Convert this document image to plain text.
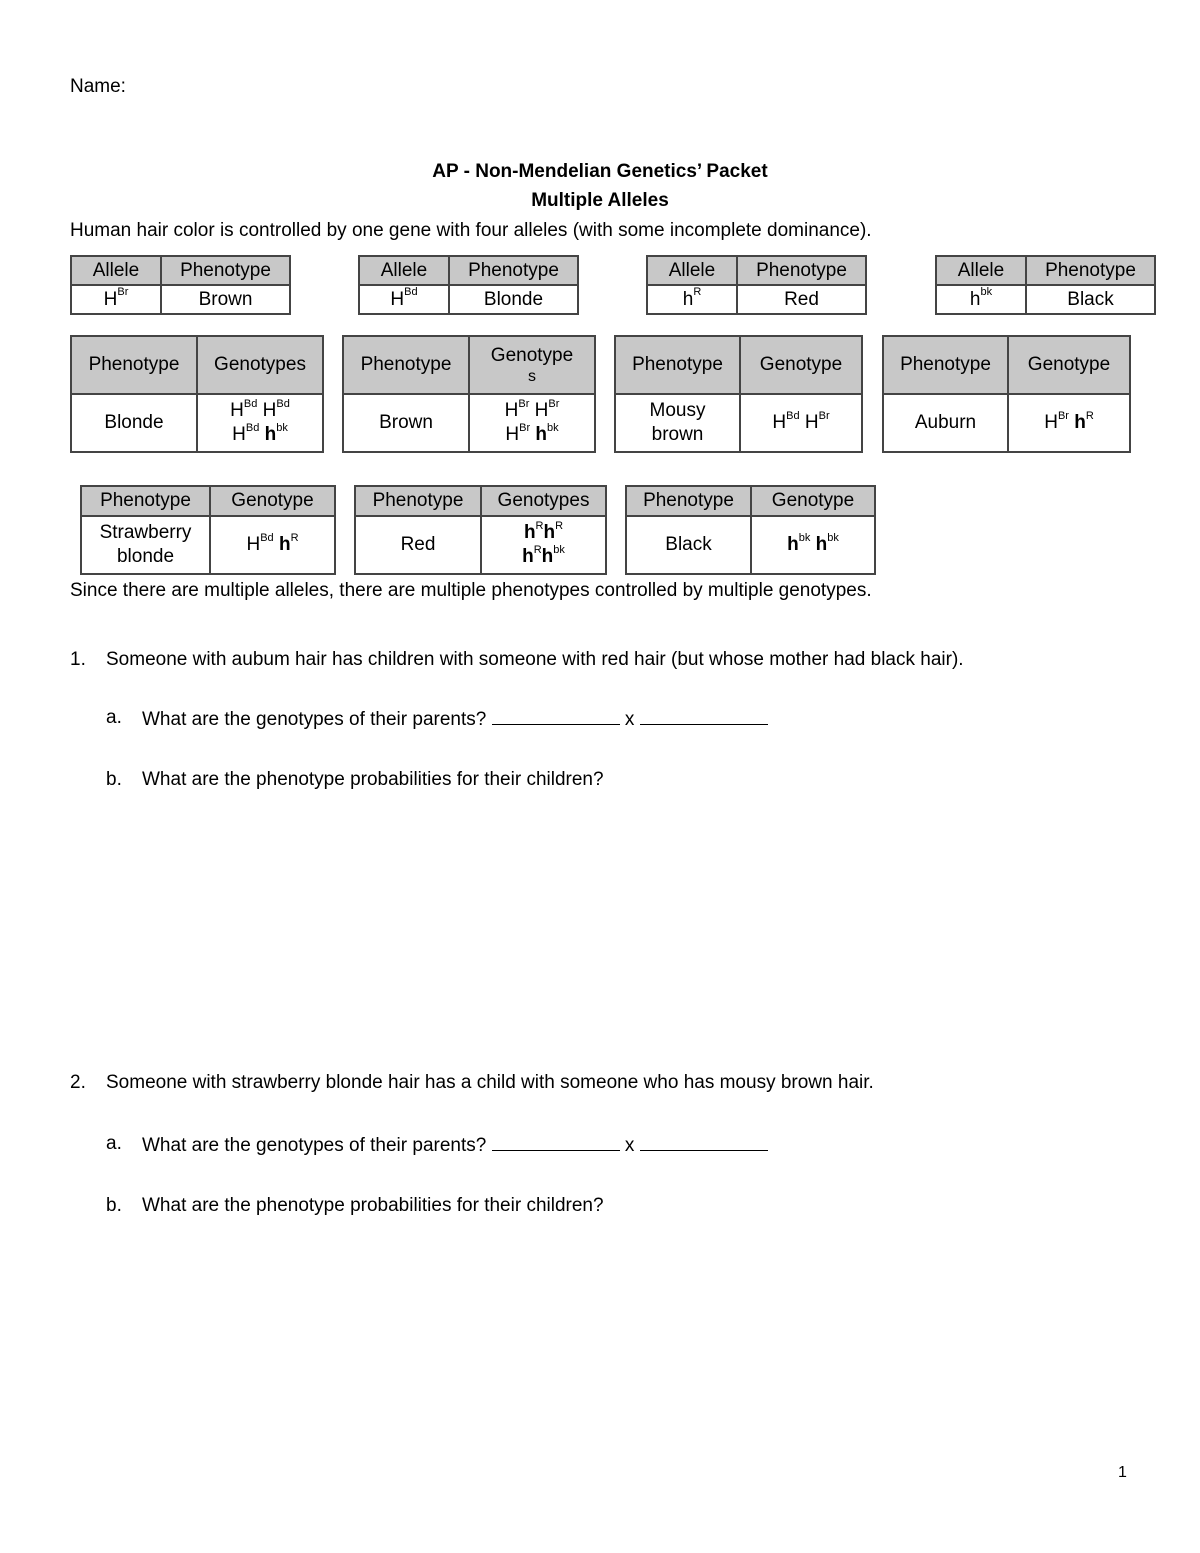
Name:
AP - Non-Mendelian Genetics’ Packet
Multiple Alleles
Human hair color is controlled by one gene with four alleles (with some incomplete dominance).
Allele	Phenotype
$H^{Br}$	Brown
Allele	Phenotype
$H^{Bd}$	Blonde
Allele	Phenotype
$h^R$	Red
Allele	Phenotype
$h^{bk}$	Black
Phenotype	Genotypes
Blonde	$H^{Bd}$ $H^{Bd}$
$H^{Bd}$ $h^{bk}$
Phenotype	Genotype
s

Brown	$H^{Br}$ $H^{Br}$
$H^{Br}$ $h^{bk}$
Phenotype	Genotype

Mousy
brown	$H^{Bd}$ $H^{Br}$
Phenotype	Genotype
Auburn	$H^{Br}$ $h^R$
Phenotype	Genotype

Strawberry
blonde	$H^{Bd}$ $h^R$
Phenotype	Genotypes
Red	$h^Rh^R$
$h^Rh^{bk}$
Phenotype	Genotype
Black	$h^{bk}$ $h^{bk}$
Since there are multiple alleles, there are multiple phenotypes controlled by multiple genotypes.
1. Someone with aubum hair has children with someone with red hair (but whose mother had black hair).
a. What are the genotypes of their parents?	x
b. What are the phenotype probabilities for their children?
2. Someone with strawberry blonde hair has a child with someone who has mousy brown hair.
a. What are the genotypes of their parents?	x
b. What are the phenotype probabilities for their children?
1
